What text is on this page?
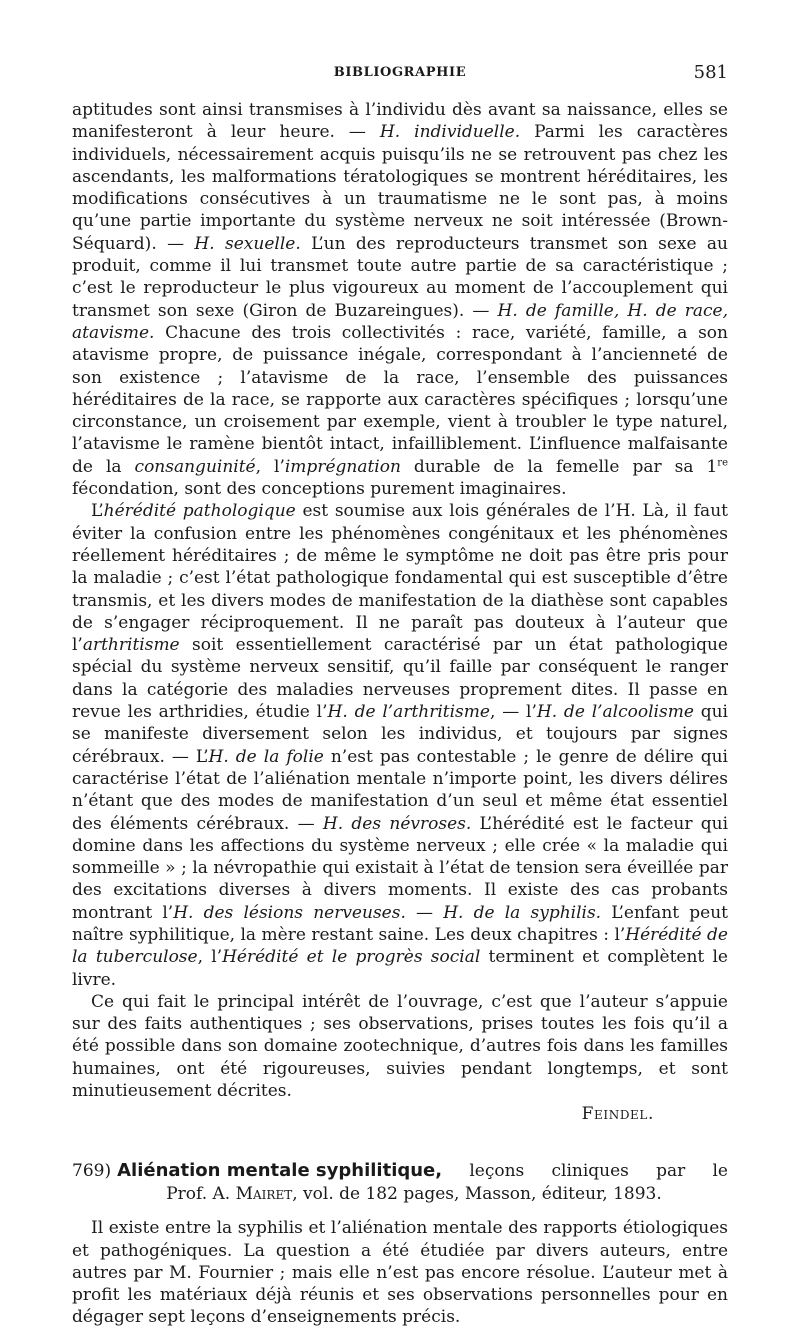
BIBLIOGRAPHIE	581

aptitudes sont ainsi transmises à l’individu dès avant sa naissance, elles se manifesteront à leur heure. — H. individuelle. Parmi les caractères individuels, nécessairement acquis puisqu’ils ne se retrouvent pas chez les ascendants, les malformations tératologiques se montrent héréditaires, les modifications consécutives à un traumatisme ne le sont pas, à moins qu’une partie importante du système nerveux ne soit intéressée (Brown-Séquard). — H. sexuelle. L’un des reproducteurs transmet son sexe au produit, comme il lui transmet toute autre partie de sa caractéristique ; c’est le reproducteur le plus vigoureux au moment de l’accouplement qui transmet son sexe (Giron de Buzareingues). — H. de famille, H. de race, atavisme. Chacune des trois collectivités : race, variété, famille, a son atavisme propre, de puissance inégale, correspondant à l’ancienneté de son existence ; l’atavisme de la race, l’ensemble des puissances héréditaires de la race, se rapporte aux caractères spécifiques ; lorsqu’une circonstance, un croisement par exemple, vient à troubler le type naturel, l’atavisme le ramène bientôt intact, infailliblement. L’influence malfaisante de la consanguinité, l’imprégnation durable de la femelle par sa 1re fécondation, sont des conceptions purement imaginaires.

L’hérédité pathologique est soumise aux lois générales de l’H. Là, il faut éviter la confusion entre les phénomènes congénitaux et les phénomènes réellement héréditaires ; de même le symptôme ne doit pas être pris pour la maladie ; c’est l’état pathologique fondamental qui est susceptible d’être transmis, et les divers modes de manifestation de la diathèse sont capables de s’engager réciproquement. Il ne paraît pas douteux à l’auteur que l’arthritisme soit essentiellement caractérisé par un état pathologique spécial du système nerveux sensitif, qu’il faille par conséquent le ranger dans la catégorie des maladies nerveuses proprement dites. Il passe en revue les arthridies, étudie l’H. de l’arthritisme, — l’H. de l’alcoolisme qui se manifeste diversement selon les individus, et toujours par signes cérébraux. — L’H. de la folie n’est pas contestable ; le genre de délire qui caractérise l’état de l’aliénation mentale n’importe point, les divers délires n’étant que des modes de manifestation d’un seul et même état essentiel des éléments cérébraux. — H. des névroses. L’hérédité est le facteur qui domine dans les affections du système nerveux ; elle crée « la maladie qui sommeille » ; la névropathie qui existait à l’état de tension sera éveillée par des excitations diverses à divers moments. Il existe des cas probants montrant l’H. des lésions nerveuses. — H. de la syphilis. L’enfant peut naître syphilitique, la mère restant saine. Les deux chapitres : l’Hérédité de la tuberculose, l’Hérédité et le progrès social terminent et complètent le livre.

Ce qui fait le principal intérêt de l’ouvrage, c’est que l’auteur s’appuie sur des faits authentiques ; ses observations, prises toutes les fois qu’il a été possible dans son domaine zootechnique, d’autres fois dans les familles humaines, ont été rigoureuses, suivies pendant longtemps, et sont minutieusement décrites.

Feindel.

769) Aliénation mentale syphilitique, leçons cliniques par le
Prof. A. Mairet, vol. de 182 pages, Masson, éditeur, 1893.

Il existe entre la syphilis et l’aliénation mentale des rapports étiologiques et pathogéniques. La question a été étudiée par divers auteurs, entre autres par M. Fournier ; mais elle n’est pas encore résolue. L’auteur met à profit les matériaux déjà réunis et ses observations personnelles pour en dégager sept leçons d’enseignements précis.
